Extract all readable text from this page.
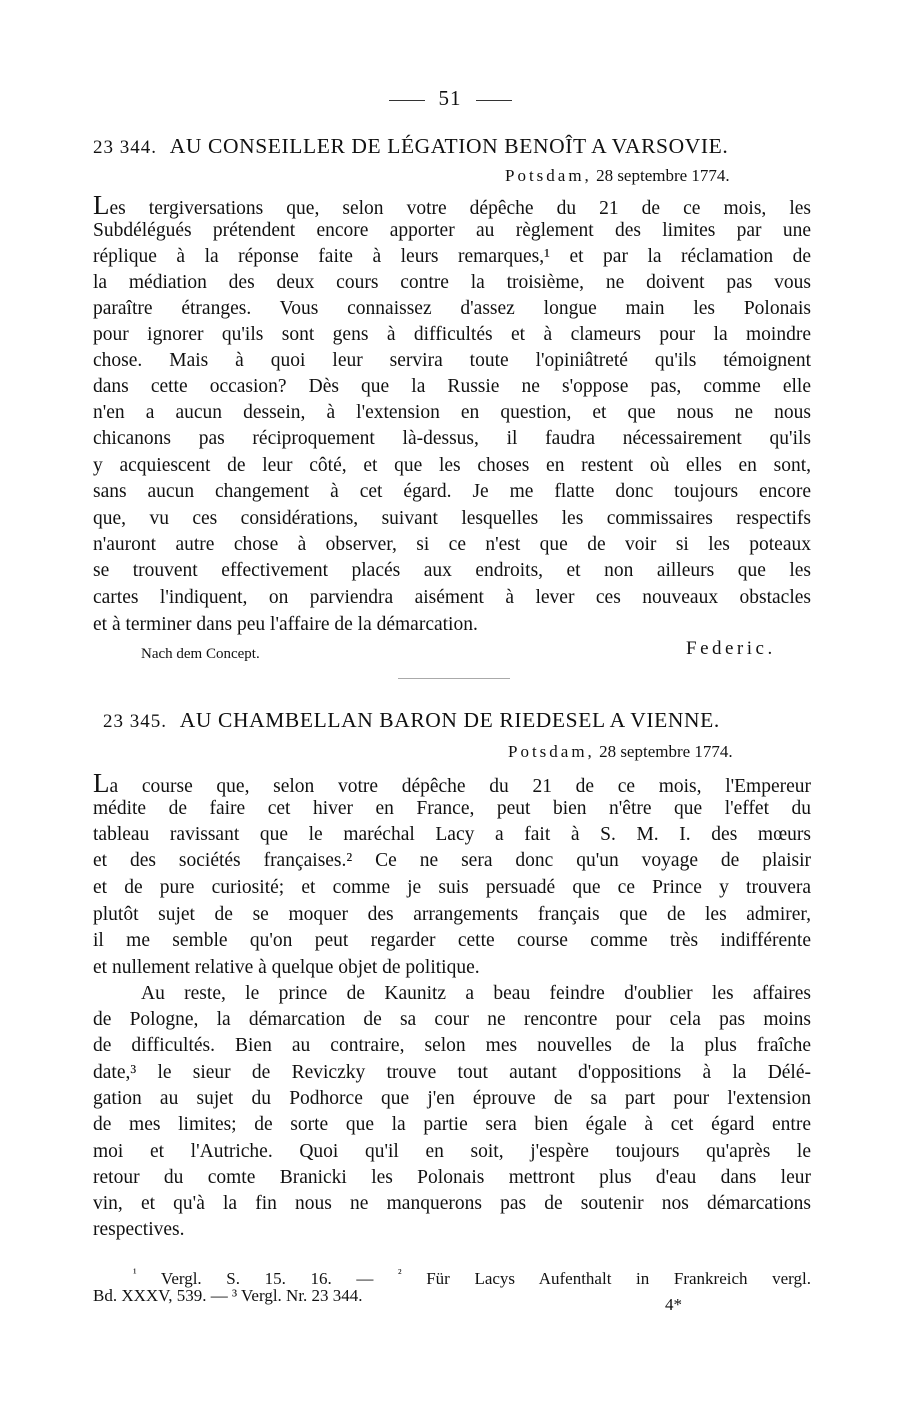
51
23 344. AU CONSEILLER DE LÉGATION BENOÎT A VARSOVIE.
Potsdam, 28 septembre 1774.
Les tergiversations que, selon votre dépêche du 21 de ce mois, les
Subdélégués prétendent encore apporter au règlement des limites par une
réplique à la réponse faite à leurs remarques,¹ et par la réclamation de
la médiation des deux cours contre la troisième, ne doivent pas vous
paraître étranges. Vous connaissez d'assez longue main les Polonais
pour ignorer qu'ils sont gens à difficultés et à clameurs pour la moindre
chose. Mais à quoi leur servira toute l'opiniâtreté qu'ils témoignent
dans cette occasion? Dès que la Russie ne s'oppose pas, comme elle
n'en a aucun dessein, à l'extension en question, et que nous ne nous
chicanons pas réciproquement là-dessus, il faudra nécessairement qu'ils
y acquiescent de leur côté, et que les choses en restent où elles en sont,
sans aucun changement à cet égard. Je me flatte donc toujours encore
que, vu ces considérations, suivant lesquelles les commissaires respectifs
n'auront autre chose à observer, si ce n'est que de voir si les poteaux
se trouvent effectivement placés aux endroits, et non ailleurs que les
cartes l'indiquent, on parviendra aisément à lever ces nouveaux obstacles
et à terminer dans peu l'affaire de la démarcation.
Nach dem Concept.	Federic.
23 345. AU CHAMBELLAN BARON DE RIEDESEL A VIENNE.
Potsdam, 28 septembre 1774.
La course que, selon votre dépêche du 21 de ce mois, l'Empereur
médite de faire cet hiver en France, peut bien n'être que l'effet du
tableau ravissant que le maréchal Lacy a fait à S. M. I. des mœurs
et des sociétés françaises.² Ce ne sera donc qu'un voyage de plaisir
et de pure curiosité; et comme je suis persuadé que ce Prince y trouvera
plutôt sujet de se moquer des arrangements français que de les admirer,
il me semble qu'on peut regarder cette course comme très indifférente
et nullement relative à quelque objet de politique.
Au reste, le prince de Kaunitz a beau feindre d'oublier les affaires
de Pologne, la démarcation de sa cour ne rencontre pour cela pas moins
de difficultés. Bien au contraire, selon mes nouvelles de la plus fraîche
date,³ le sieur de Reviczky trouve tout autant d'oppositions à la Délé-
gation au sujet du Podhorce que j'en éprouve de sa part pour l'extension
de mes limites; de sorte que la partie sera bien égale à cet égard entre
moi et l'Autriche. Quoi qu'il en soit, j'espère toujours qu'après le
retour du comte Branicki les Polonais mettront plus d'eau dans leur
vin, et qu'à la fin nous ne manquerons pas de soutenir nos démarcations
respectives.
$^{^1}$ Vergl. S. 15. 16. — $^{^2}$ Für Lacys Aufenthalt in Frankreich vergl.
Bd. XXXV, 539. — ³ Vergl. Nr. 23 344.	4*
